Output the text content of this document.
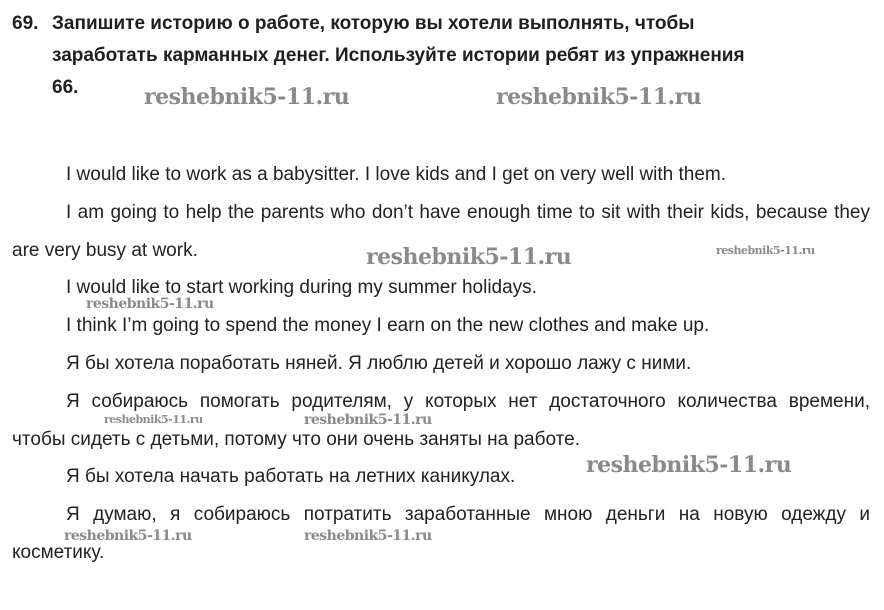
69. Запишите историю о работе, которую вы хотели выполнять, чтобы
заработать карманных денег. Используйте истории ребят из упражнения
66.

I would like to work as a babysitter. I love kids and I get on very well with them.

I am going to help the parents who don’t have enough time to sit with their kids, because they are very busy at work.

I would like to start working during my summer holidays.

I think I’m going to spend the money I earn on the new clothes and make up.

Я бы хотела поработать няней. Я люблю детей и хорошо лажу с ними.

Я собираюсь помогать родителям, у которых нет достаточного количества времени, чтобы сидеть с детьми, потому что они очень заняты на работе.

Я бы хотела начать работать на летних каникулах.

Я думаю, я собираюсь потратить заработанные мною деньги на новую одежду и косметику.

reshebnik5-11.ru	reshebnik5-11.ru
reshebnik5-11.ru	reshebnik5-11.ru
reshebnik5-11.ru
reshebnik5-11.ru	reshebnik5-11.ru
reshebnik5-11.ru
reshebnik5-11.ru	reshebnik5-11.ru
